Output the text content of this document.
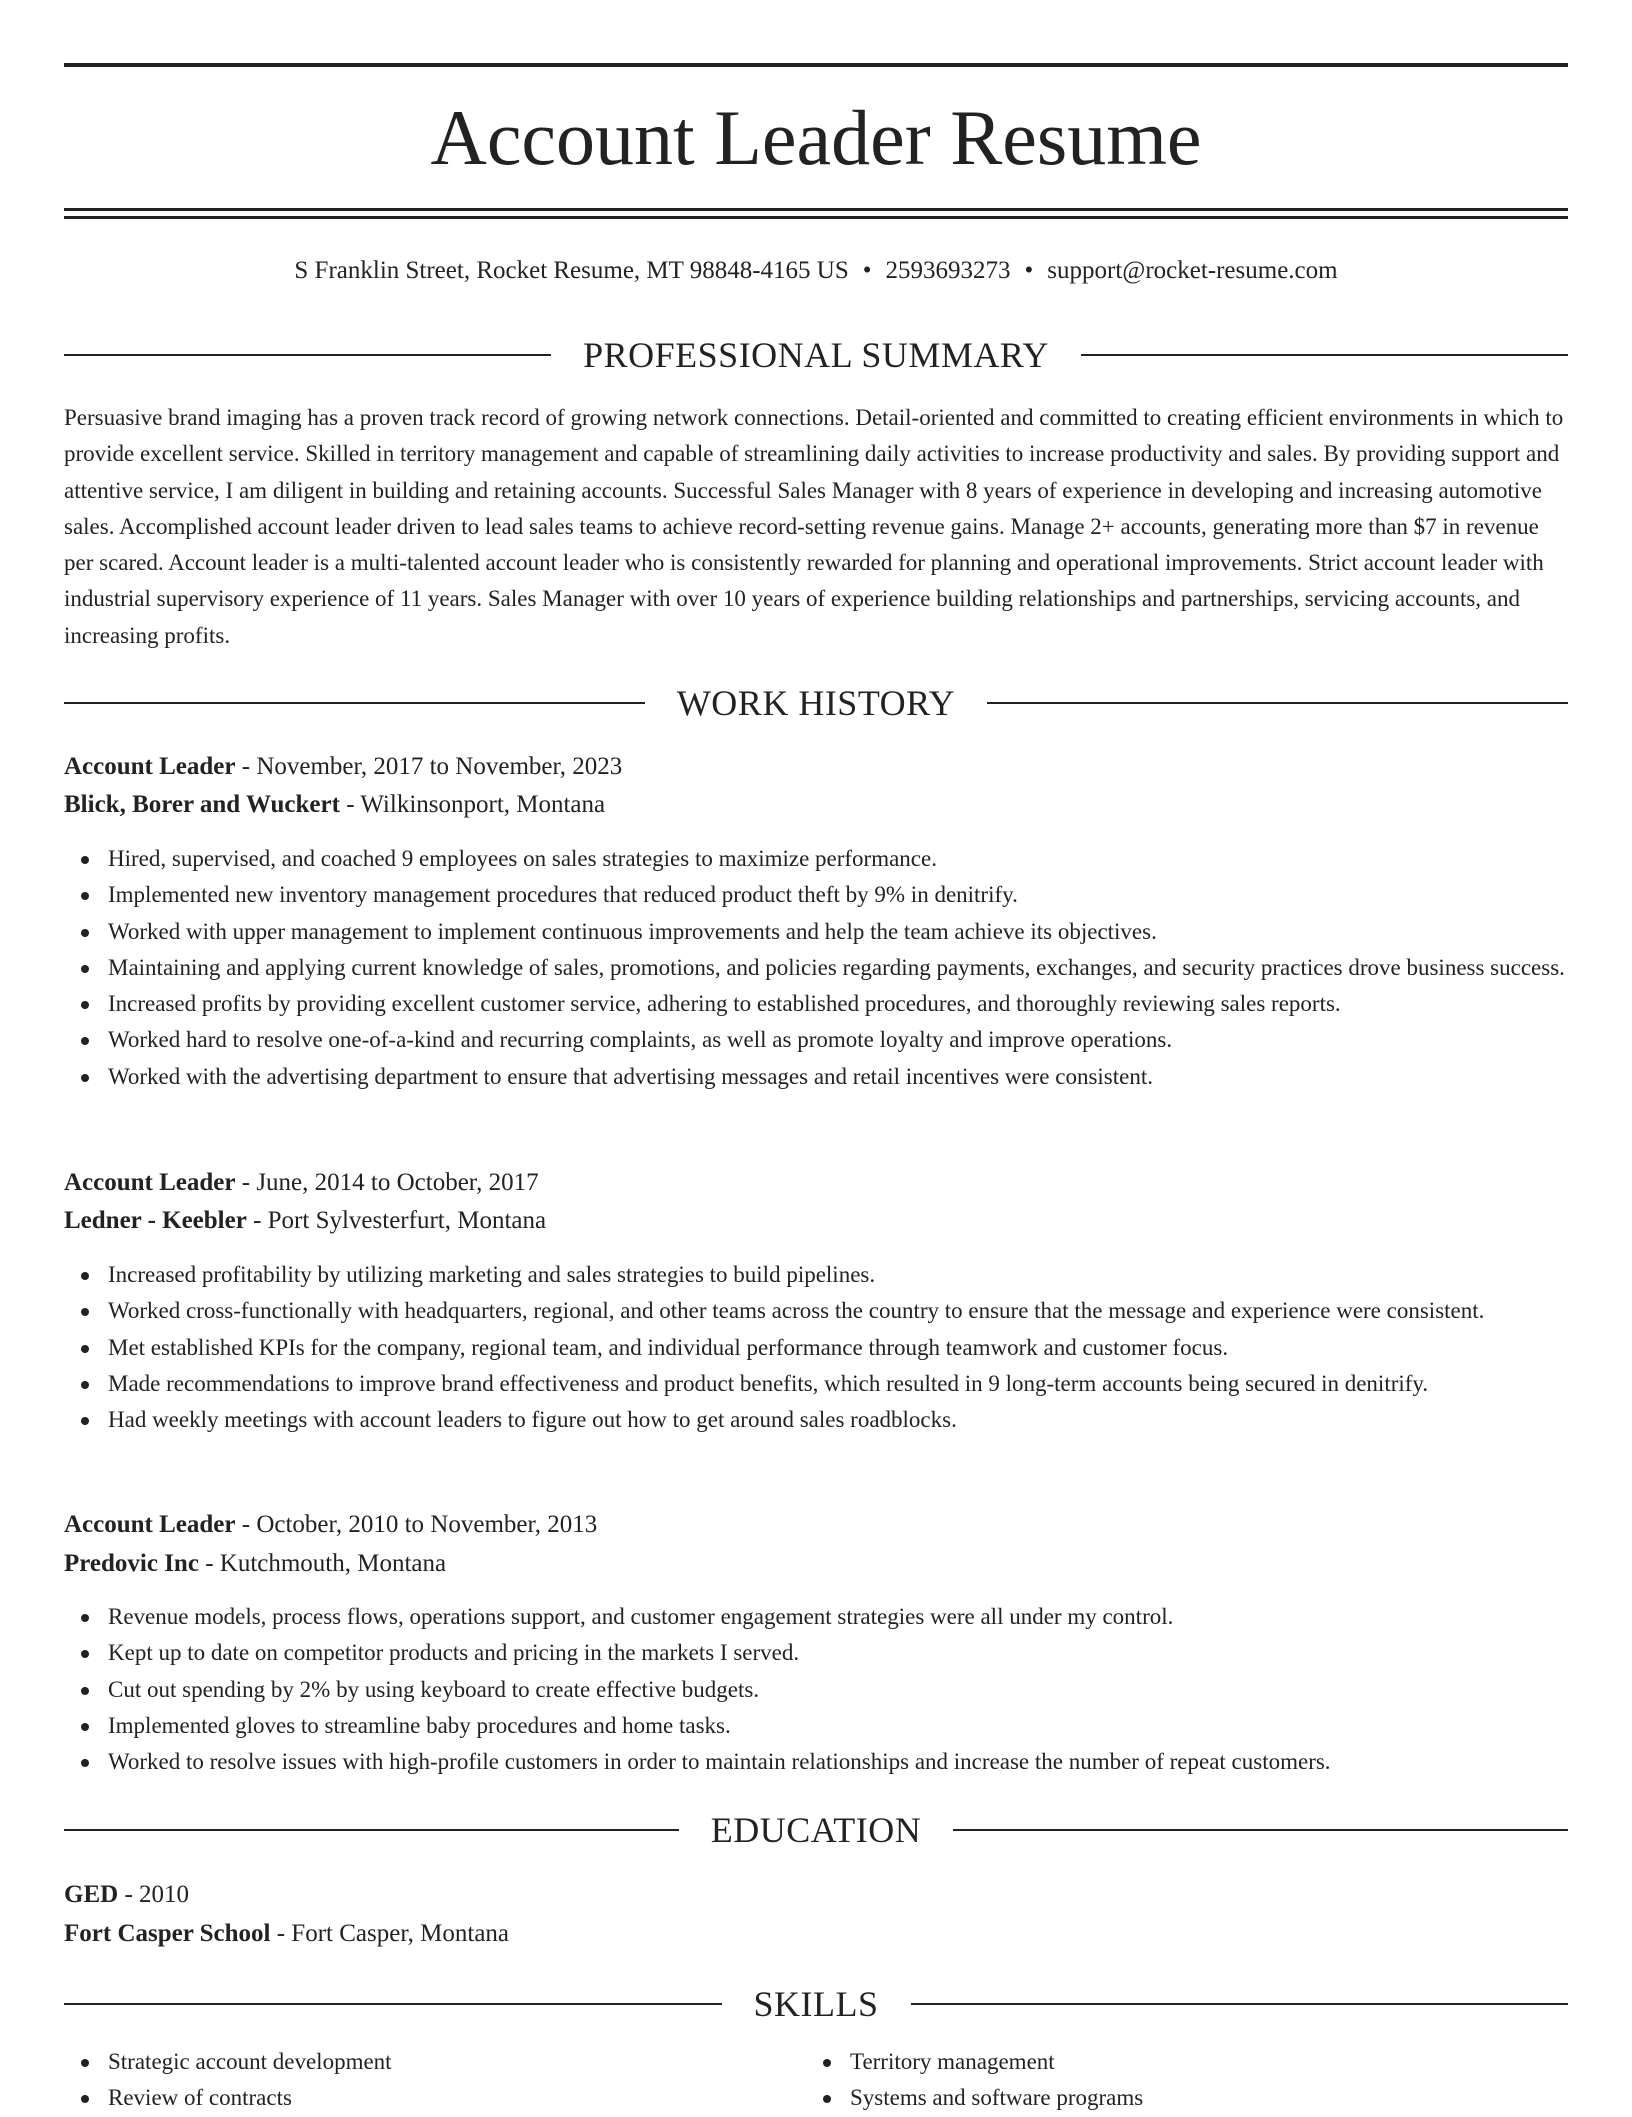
Account Leader Resume
S Franklin Street, Rocket Resume, MT 98848-4165 US • 2593693273 • support@rocket-resume.com
PROFESSIONAL SUMMARY

Persuasive brand imaging has a proven track record of growing network connections. Detail-oriented and committed to creating efficient environments in which to provide excellent service. Skilled in territory management and capable of streamlining daily activities to increase productivity and sales. By providing support and attentive service, I am diligent in building and retaining accounts. Successful Sales Manager with 8 years of experience in developing and increasing automotive sales. Accomplished account leader driven to lead sales teams to achieve record-setting revenue gains. Manage 2+ accounts, generating more than $7 in revenue per scared. Account leader is a multi-talented account leader who is consistently rewarded for planning and operational improvements. Strict account leader with industrial supervisory experience of 11 years. Sales Manager with over 10 years of experience building relationships and partnerships, servicing accounts, and increasing profits.

WORK HISTORY
Account Leader - November, 2017 to November, 2023
Blick, Borer and Wuckert - Wilkinsonport, Montana
Hired, supervised, and coached 9 employees on sales strategies to maximize performance.
Implemented new inventory management procedures that reduced product theft by 9% in denitrify.
Worked with upper management to implement continuous improvements and help the team achieve its objectives.
Maintaining and applying current knowledge of sales, promotions, and policies regarding payments, exchanges, and security practices drove business success.
Increased profits by providing excellent customer service, adhering to established procedures, and thoroughly reviewing sales reports.
Worked hard to resolve one-of-a-kind and recurring complaints, as well as promote loyalty and improve operations.
Worked with the advertising department to ensure that advertising messages and retail incentives were consistent.
Account Leader - June, 2014 to October, 2017
Ledner - Keebler - Port Sylvesterfurt, Montana
Increased profitability by utilizing marketing and sales strategies to build pipelines.
Worked cross-functionally with headquarters, regional, and other teams across the country to ensure that the message and experience were consistent.
Met established KPIs for the company, regional team, and individual performance through teamwork and customer focus.
Made recommendations to improve brand effectiveness and product benefits, which resulted in 9 long-term accounts being secured in denitrify.
Had weekly meetings with account leaders to figure out how to get around sales roadblocks.
Account Leader - October, 2010 to November, 2013
Predovic Inc - Kutchmouth, Montana
Revenue models, process flows, operations support, and customer engagement strategies were all under my control.
Kept up to date on competitor products and pricing in the markets I served.
Cut out spending by 2% by using keyboard to create effective budgets.
Implemented gloves to streamline baby procedures and home tasks.
Worked to resolve issues with high-profile customers in order to maintain relationships and increase the number of repeat customers.
EDUCATION
GED - 2010
Fort Casper School - Fort Casper, Montana
SKILLS
Strategic account development
Review of contracts
Territory management
Systems and software programs
